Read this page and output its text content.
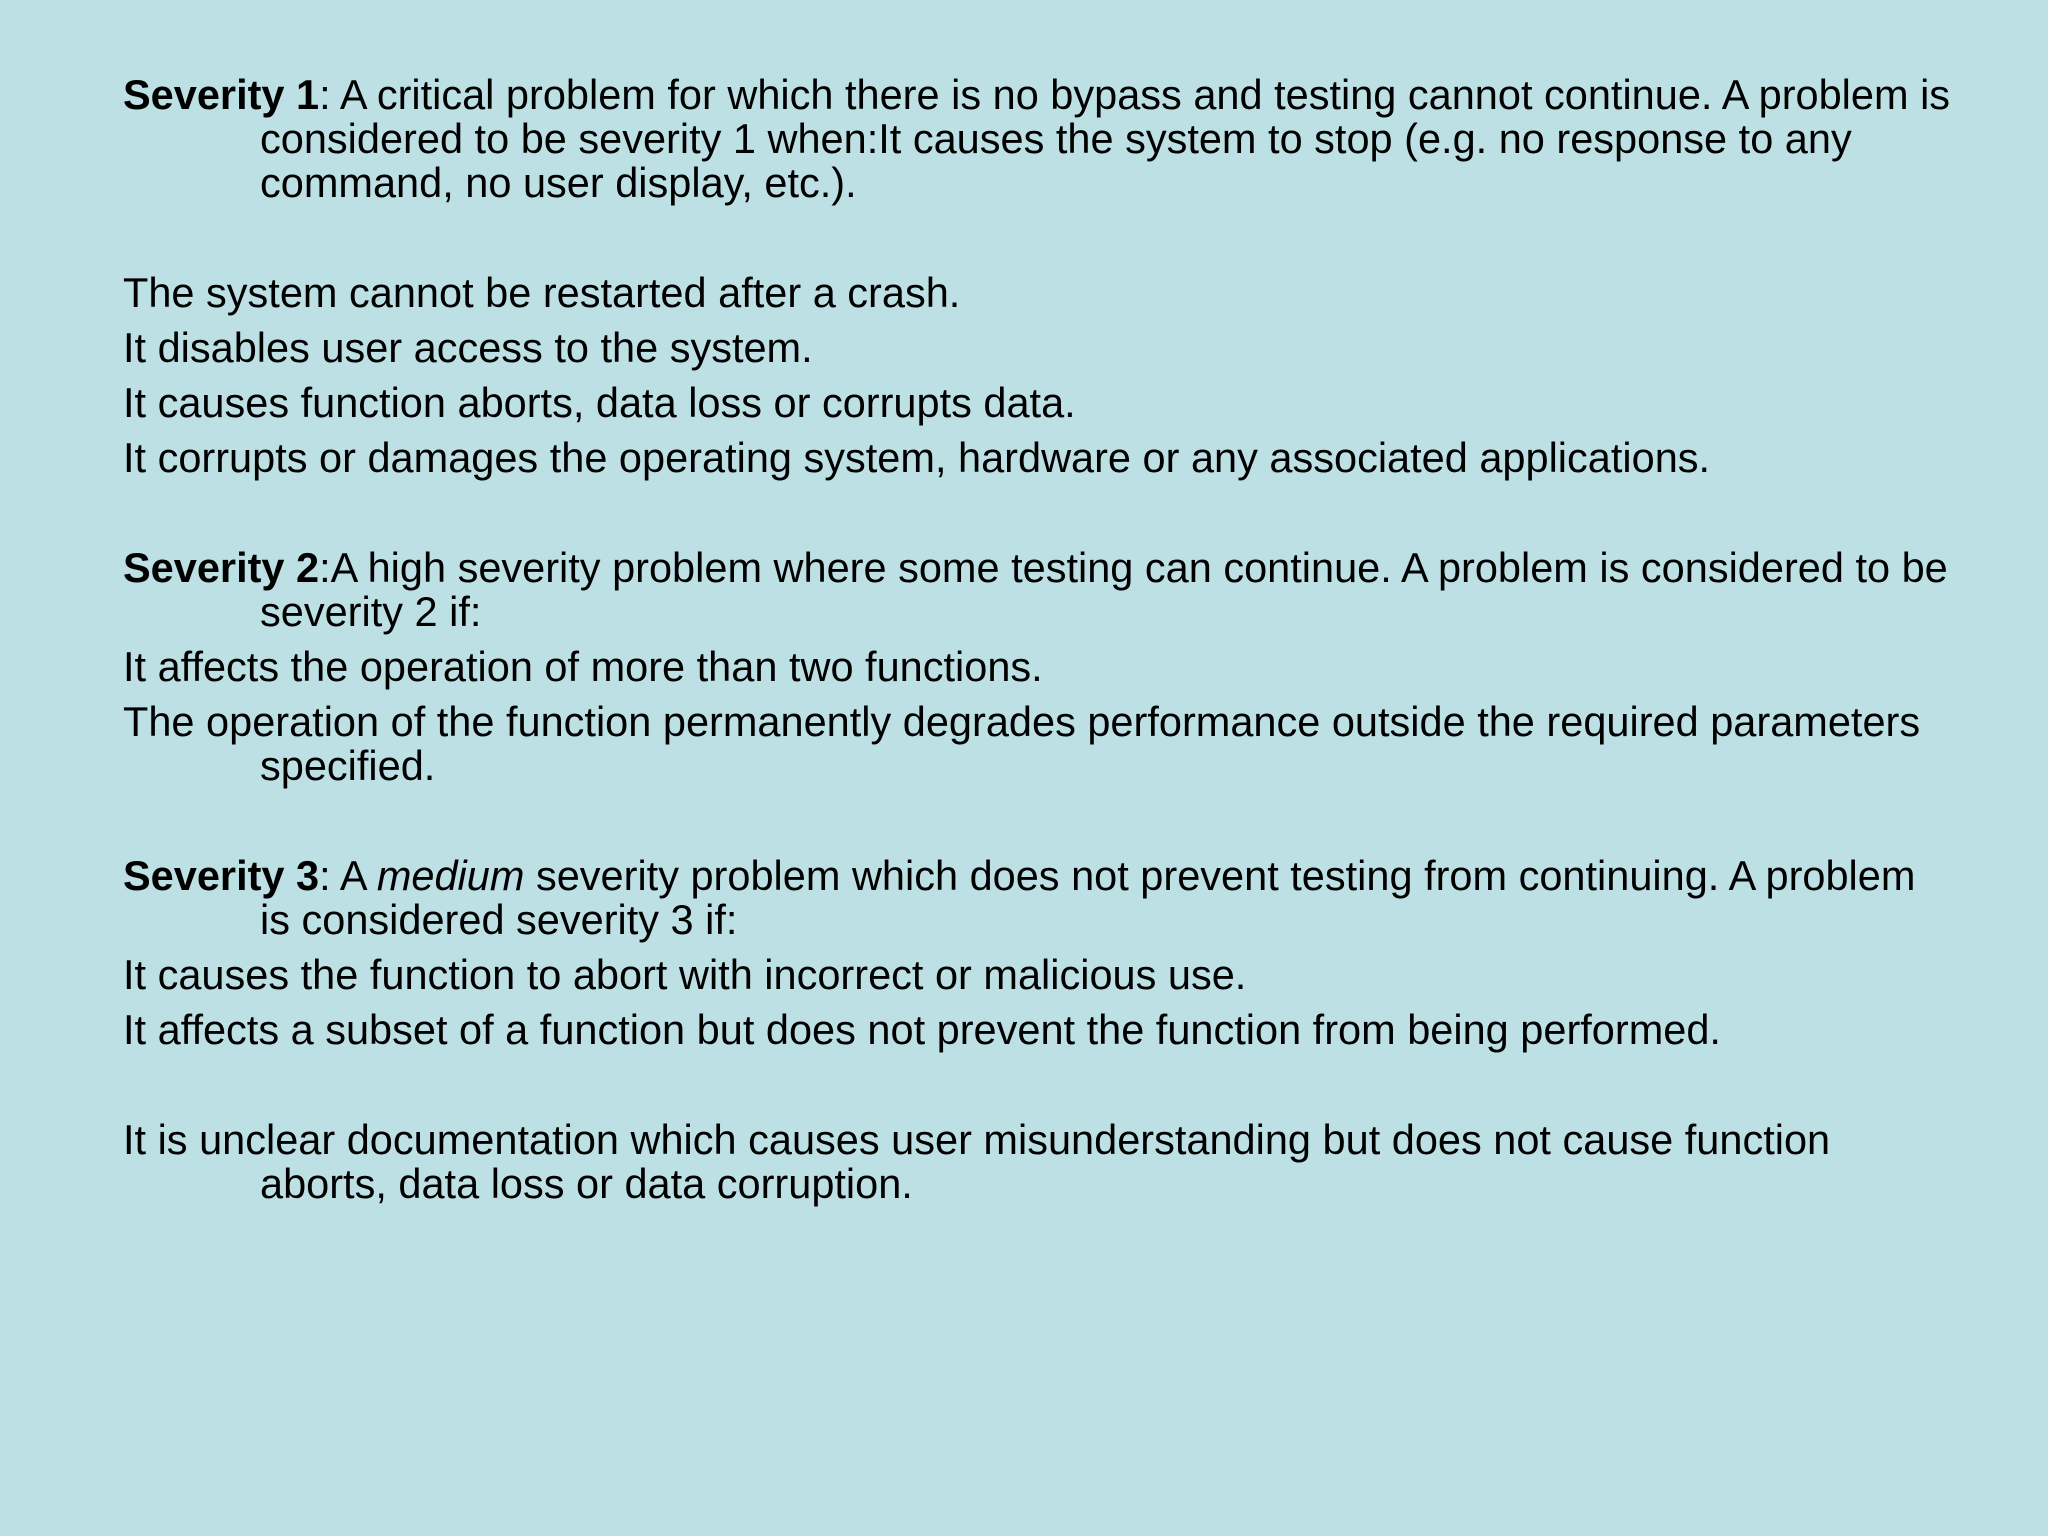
Severity 1: A critical problem for which there is no bypass and testing cannot continue. A problem is considered to be severity 1 when:It causes the system to stop (e.g. no response to any command, no user display, etc.).

The system cannot be restarted after a crash.

It disables user access to the system.

It causes function aborts, data loss or corrupts data.

It corrupts or damages the operating system, hardware or any associated applications.

Severity 2:A high severity problem where some testing can continue. A problem is considered to be severity 2 if:

It affects the operation of more than two functions.

The operation of the function permanently degrades performance outside the required parameters specified.

Severity 3: A medium severity problem which does not prevent testing from continuing. A problem is considered severity 3 if:

It causes the function to abort with incorrect or malicious use.

It affects a subset of a function but does not prevent the function from being performed.

It is unclear documentation which causes user misunderstanding but does not cause function aborts, data loss or data corruption.
